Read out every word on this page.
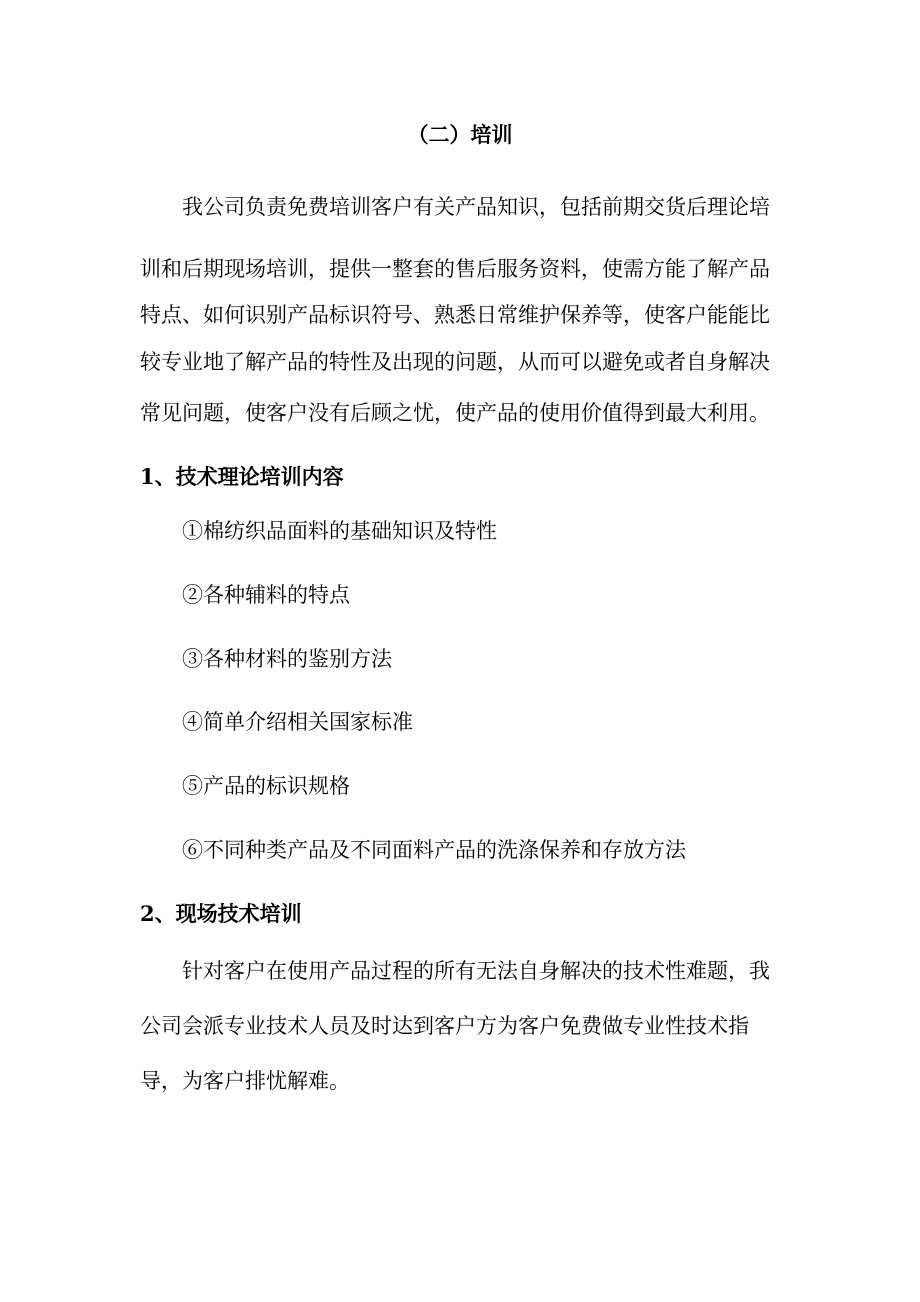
（二）培训
我公司负责免费培训客户有关产品知识，包括前期交货后理论培
训和后期现场培训，提供一整套的售后服务资料，使需方能了解产品
特点、如何识别产品标识符号、熟悉日常维护保养等，使客户能能比
较专业地了解产品的特性及出现的问题，从而可以避免或者自身解决
常见问题，使客户没有后顾之忧，使产品的使用价值得到最大利用。
1、技术理论培训内容
①棉纺织品面料的基础知识及特性
②各种辅料的特点
③各种材料的鉴别方法
④简单介绍相关国家标准
⑤产品的标识规格
⑥不同种类产品及不同面料产品的洗涤保养和存放方法
2、现场技术培训
针对客户在使用产品过程的所有无法自身解决的技术性难题，我
公司会派专业技术人员及时达到客户方为客户免费做专业性技术指
导，为客户排忧解难。
